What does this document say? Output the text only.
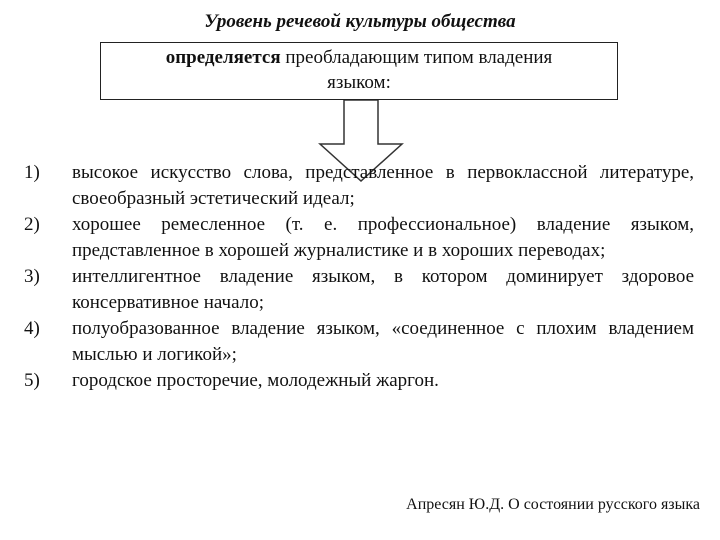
Уровень речевой культуры общества
определяется преобладающим типом владения
языком:
1)	высокое искусство слова, представленное в первоклассной литературе, своеобразный эстетический идеал;
2)	хорошее ремесленное (т. е. профессиональное) владение языком, представленное в хорошей журналистике и в хороших переводах;
3)	интеллигентное владение языком, в котором доминирует здоровое консервативное начало;
4)	полуобразованное владение языком, «соединенное с плохим владением мыслью и логикой»;
5)	городское просторечие, молодежный жаргон.
Апресян Ю.Д. О состоянии русского языка
